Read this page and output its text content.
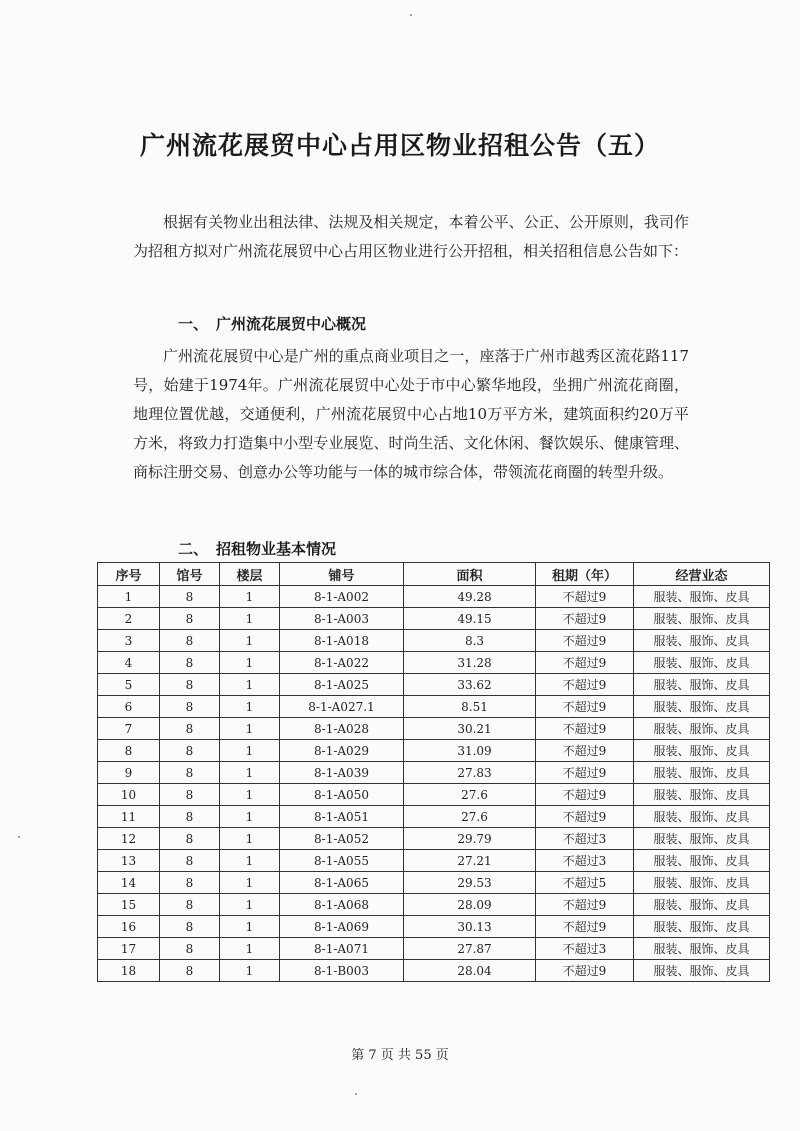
广州流花展贸中心占用区物业招租公告（五）

根据有关物业出租法律、法规及相关规定，本着公平、公正、公开原则，我司作为招租方拟对广州流花展贸中心占用区物业进行公开招租，相关招租信息公告如下：

一、 广州流花展贸中心概况

广州流花展贸中心是广州的重点商业项目之一，座落于广州市越秀区流花路117号，始建于1974年。广州流花展贸中心处于市中心繁华地段，坐拥广州流花商圈，地理位置优越，交通便利，广州流花展贸中心占地10万平方米，建筑面积约20万平方米，将致力打造集中小型专业展览、时尚生活、文化休闲、餐饮娱乐、健康管理、商标注册交易、创意办公等功能与一体的城市综合体，带领流花商圈的转型升级。

二、 招租物业基本情况
序号	馆号	楼层	铺号	面积	租期（年）	经营业态
1	8	1	8-1-A002	49.28	不超过9	服装、服饰、皮具
2	8	1	8-1-A003	49.15	不超过9	服装、服饰、皮具
3	8	1	8-1-A018	8.3	不超过9	服装、服饰、皮具
4	8	1	8-1-A022	31.28	不超过9	服装、服饰、皮具
5	8	1	8-1-A025	33.62	不超过9	服装、服饰、皮具
6	8	1	8-1-A027.1	8.51	不超过9	服装、服饰、皮具
7	8	1	8-1-A028	30.21	不超过9	服装、服饰、皮具
8	8	1	8-1-A029	31.09	不超过9	服装、服饰、皮具
9	8	1	8-1-A039	27.83	不超过9	服装、服饰、皮具
10	8	1	8-1-A050	27.6	不超过9	服装、服饰、皮具
11	8	1	8-1-A051	27.6	不超过9	服装、服饰、皮具
12	8	1	8-1-A052	29.79	不超过3	服装、服饰、皮具
13	8	1	8-1-A055	27.21	不超过3	服装、服饰、皮具
14	8	1	8-1-A065	29.53	不超过5	服装、服饰、皮具
15	8	1	8-1-A068	28.09	不超过9	服装、服饰、皮具
16	8	1	8-1-A069	30.13	不超过9	服装、服饰、皮具
17	8	1	8-1-A071	27.87	不超过3	服装、服饰、皮具
18	8	1	8-1-B003	28.04	不超过9	服装、服饰、皮具
第 7 页 共 55 页
